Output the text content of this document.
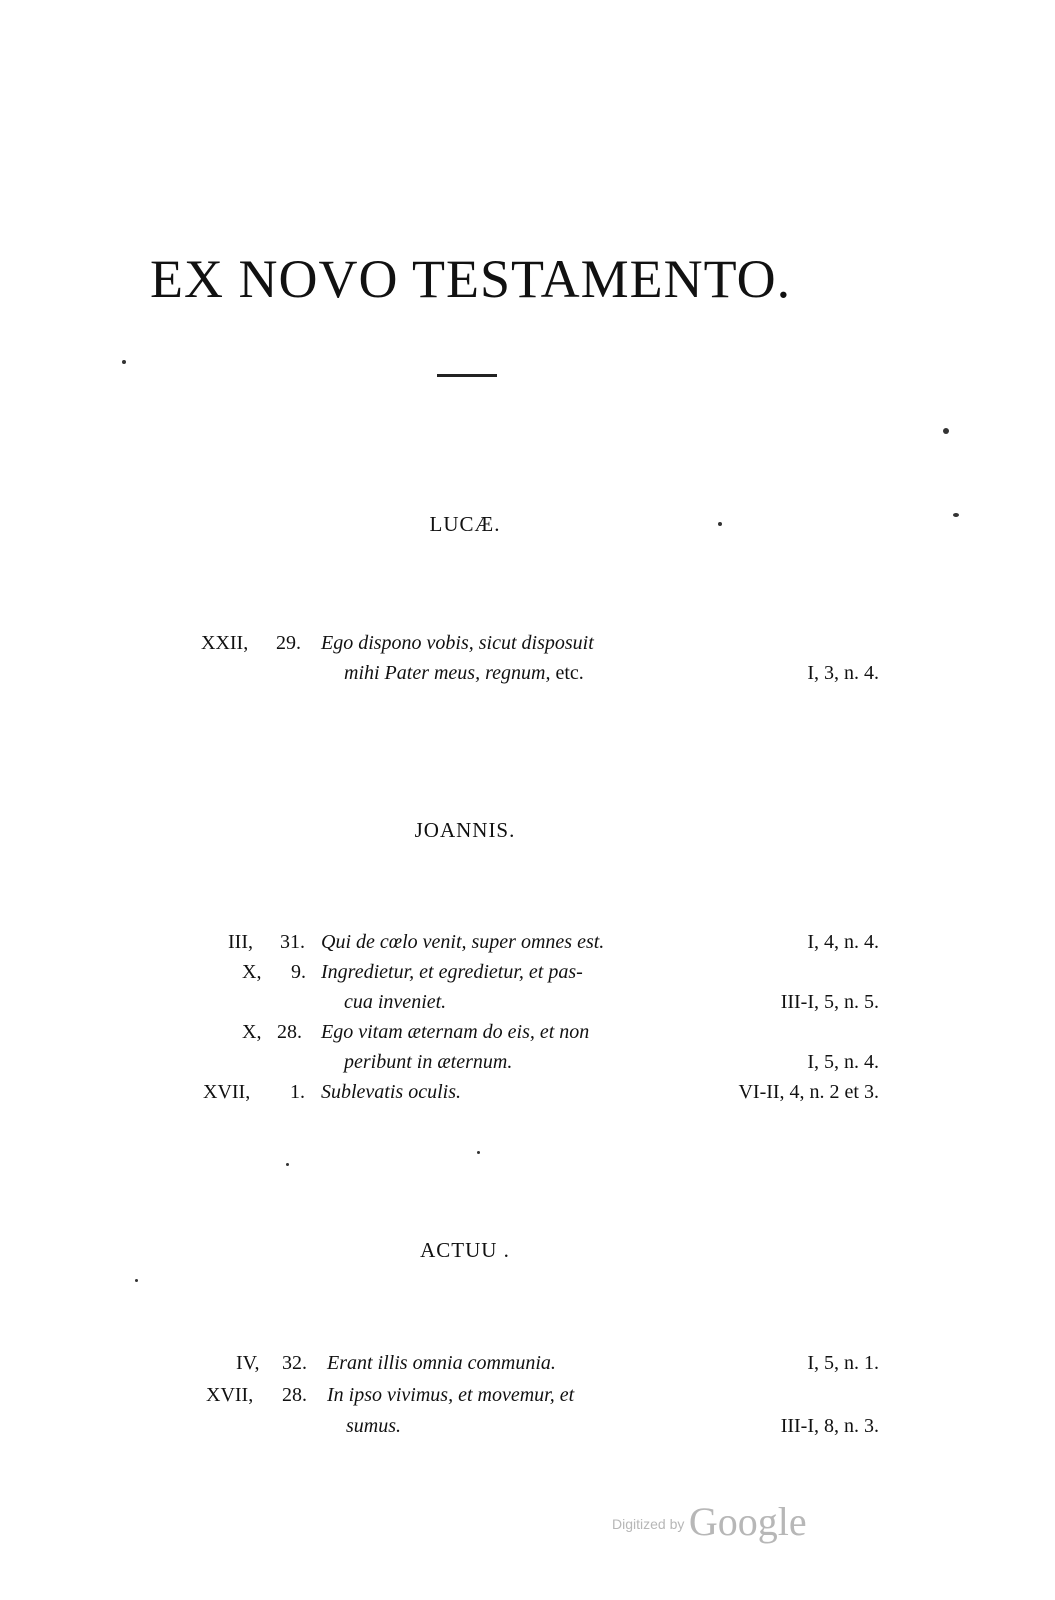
EX NOVO TESTAMENTO.
LUCÆ.
XXII, 29. Ego dispono vobis, sicut disposuit
mihi Pater meus, regnum, etc.	I, 3, n. 4.
JOANNIS.
III, 31. Qui de cœlo venit, super omnes est.	I, 4, n. 4.
X, 9. Ingredietur, et egredietur, et pas-
cua inveniet.	III-I, 5, n. 5.
X, 28. Ego vitam æternam do eis, et non
peribunt in æternum.	I, 5, n. 4.
XVII, 1. Sublevatis oculis.	VI-II, 4, n. 2 et 3.
ACTUU .
IV, 32. Erant illis omnia communia.	I, 5, n. 1.
XVII, 28. In ipso vivimus, et movemur, et
sumus.	III-I, 8, n. 3.
Digitized by Google
